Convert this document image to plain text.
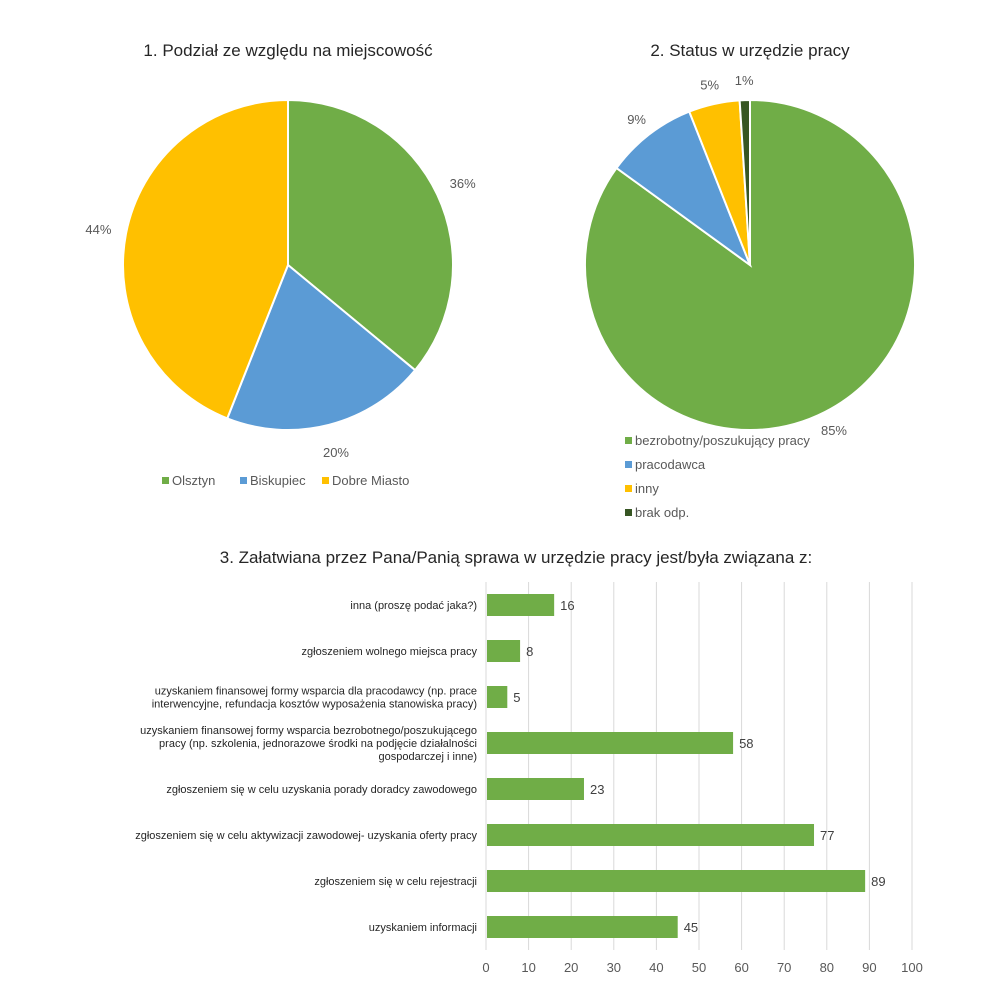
1. Podział ze względu na miejscowość
36%
20%
44%
Olsztyn	Biskupiec Dobre Miasto
2. Status w urzędzie pracy
85%
9%
5% 1%
bezrobotny/poszukujący pracy
pracodawca
inny
brak odp.
3. Załatwiana przez Pana/Panią sprawa w urzędzie pracy jest/była związana z:
inna (proszę podać jaka?)
zgłoszeniem wolnego miejsca pracy
uzyskaniem finansowej formy wsparcia dla pracodawcy (np. prace interwencyjne, refundacja kosztów wyposażenia stanowiska pracy)
uzyskaniem finansowej formy wsparcia bezrobotnego/poszukującego pracy (np. szkolenia, jednorazowe środki na podjęcie działalności gospodarczej i inne)
zgłoszeniem się w celu uzyskania porady doradcy zawodowego
zgłoszeniem się w celu aktywizacji zawodowej- uzyskania oferty pracy
zgłoszeniem się w celu rejestracji
uzyskaniem informacji
16
8
5
58
23
77
89
45
0 10 20 30 40 50 60 70 80 90 100
